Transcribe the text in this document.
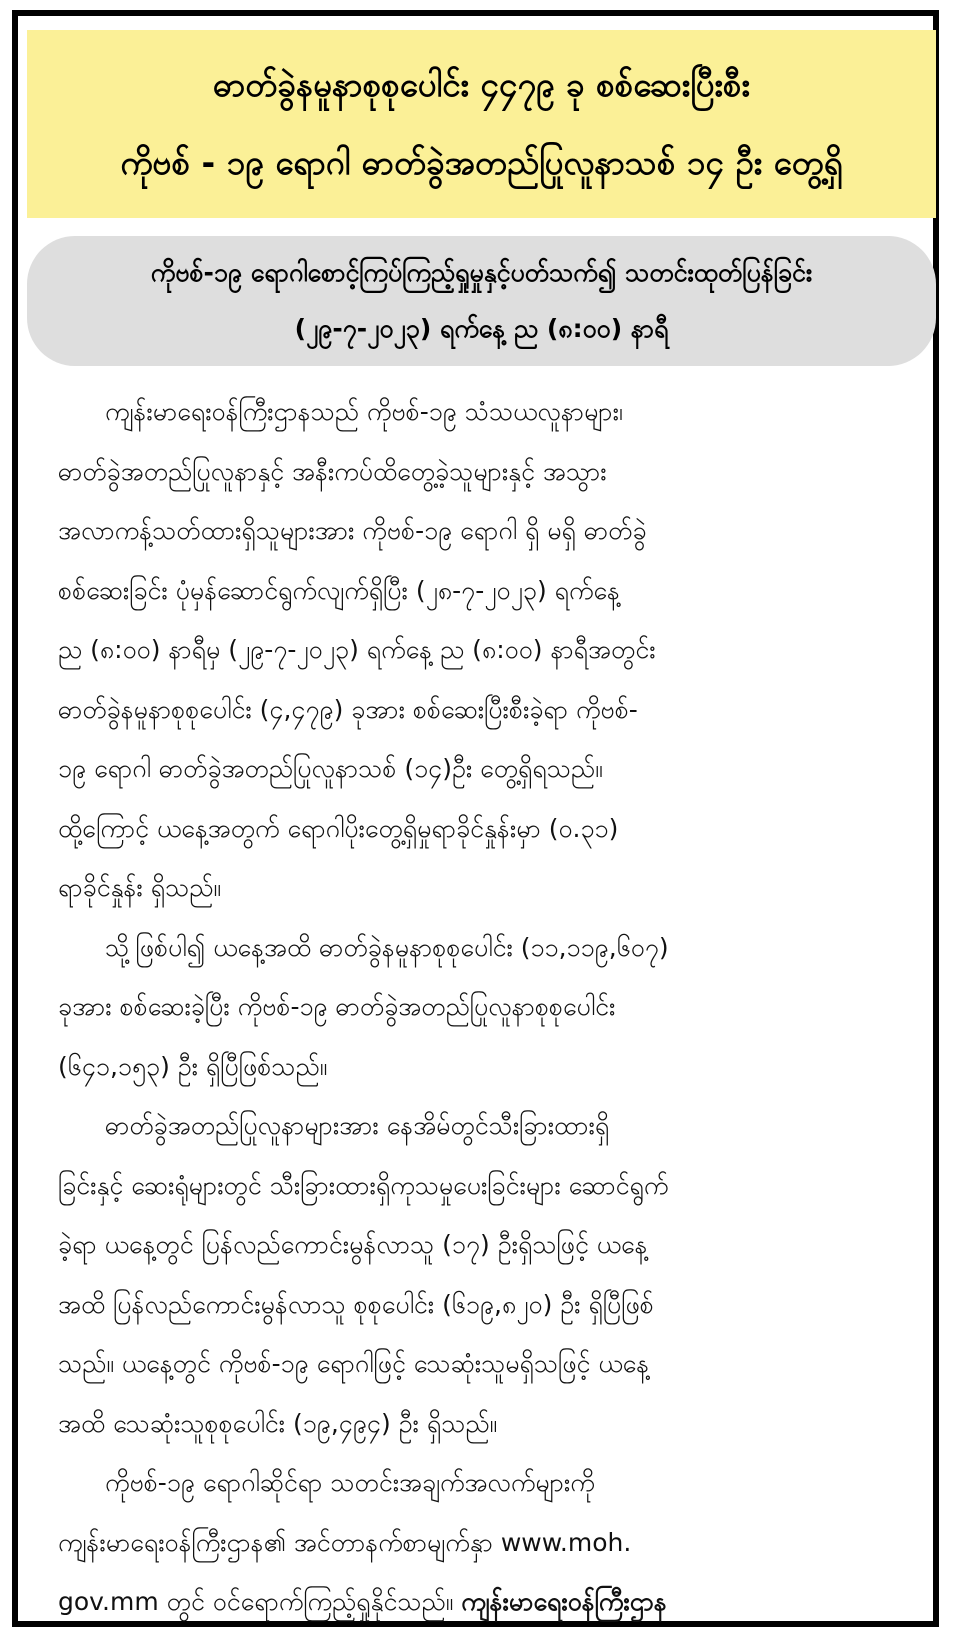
ဓာတ်ခွဲနမူနာစုစုပေါင်း ၄၄၇၉ ခု စစ်ဆေးပြီးစီး
ကိုဗစ် - ၁၉ ရောဂါ ဓာတ်ခွဲအတည်ပြုလူနာသစ် ၁၄ ဦး တွေ့ရှိ
ကိုဗစ်-၁၉ ရောဂါစောင့်ကြပ်ကြည့်ရှုမှုနှင့်ပတ်သက်၍ သတင်းထုတ်ပြန်ခြင်း
(၂၉-၇-၂၀၂၃) ရက်နေ့ ည (၈:၀၀) နာရီ
ကျန်းမာရေးဝန်ကြီးဌာနသည် ကိုဗစ်-၁၉ သံသယလူနာများ၊
ဓာတ်ခွဲအတည်ပြုလူနာနှင့် အနီးကပ်ထိတွေ့ခဲ့သူများနှင့် အသွား
အလာကန့်သတ်ထားရှိသူများအား ကိုဗစ်-၁၉ ရောဂါ ရှိ မရှိ ဓာတ်ခွဲ
စစ်ဆေးခြင်း ပုံမှန်ဆောင်ရွက်လျက်ရှိပြီး (၂၈-၇-၂၀၂၃) ရက်နေ့
ည (၈:၀၀) နာရီမှ (၂၉-၇-၂၀၂၃) ရက်နေ့ ည (၈:၀၀) နာရီအတွင်း
ဓာတ်ခွဲနမူနာစုစုပေါင်း (၄,၄၇၉) ခုအား စစ်ဆေးပြီးစီးခဲ့ရာ ကိုဗစ်-
၁၉ ရောဂါ ဓာတ်ခွဲအတည်ပြုလူနာသစ် (၁၄)ဦး တွေ့ရှိရသည်။
ထို့ကြောင့် ယနေ့အတွက် ရောဂါပိုးတွေ့ရှိမှုရာခိုင်နှုန်းမှာ (၀.၃၁)
ရာခိုင်နှုန်း ရှိသည်။
သို့ဖြစ်ပါ၍ ယနေ့အထိ ဓာတ်ခွဲနမူနာစုစုပေါင်း (၁၁,၁၁၉,၆၀၇)
ခုအား စစ်ဆေးခဲ့ပြီး ကိုဗစ်-၁၉ ဓာတ်ခွဲအတည်ပြုလူနာစုစုပေါင်း
(၆၄၁,၁၅၃) ဦး ရှိပြီဖြစ်သည်။
ဓာတ်ခွဲအတည်ပြုလူနာများအား နေအိမ်တွင်သီးခြားထားရှိ
ခြင်းနှင့် ဆေးရုံများတွင် သီးခြားထားရှိကုသမှုပေးခြင်းများ ဆောင်ရွက်
ခဲ့ရာ ယနေ့တွင် ပြန်လည်ကောင်းမွန်လာသူ (၁၇) ဦးရှိသဖြင့် ယနေ့
အထိ ပြန်လည်ကောင်းမွန်လာသူ စုစုပေါင်း (၆၁၉,၈၂၀) ဦး ရှိပြီဖြစ်
သည်။ ယနေ့တွင် ကိုဗစ်-၁၉ ရောဂါဖြင့် သေဆုံးသူမရှိသဖြင့် ယနေ့
အထိ သေဆုံးသူစုစုပေါင်း (၁၉,၄၉၄) ဦး ရှိသည်။
ကိုဗစ်-၁၉ ရောဂါဆိုင်ရာ သတင်းအချက်အလက်များကို
ကျန်းမာရေးဝန်ကြီးဌာန၏ အင်တာနက်စာမျက်နှာ www.moh.
gov.mm တွင် ဝင်ရောက်ကြည့်ရှုနိုင်သည်။ ကျန်းမာရေးဝန်ကြီးဌာန
